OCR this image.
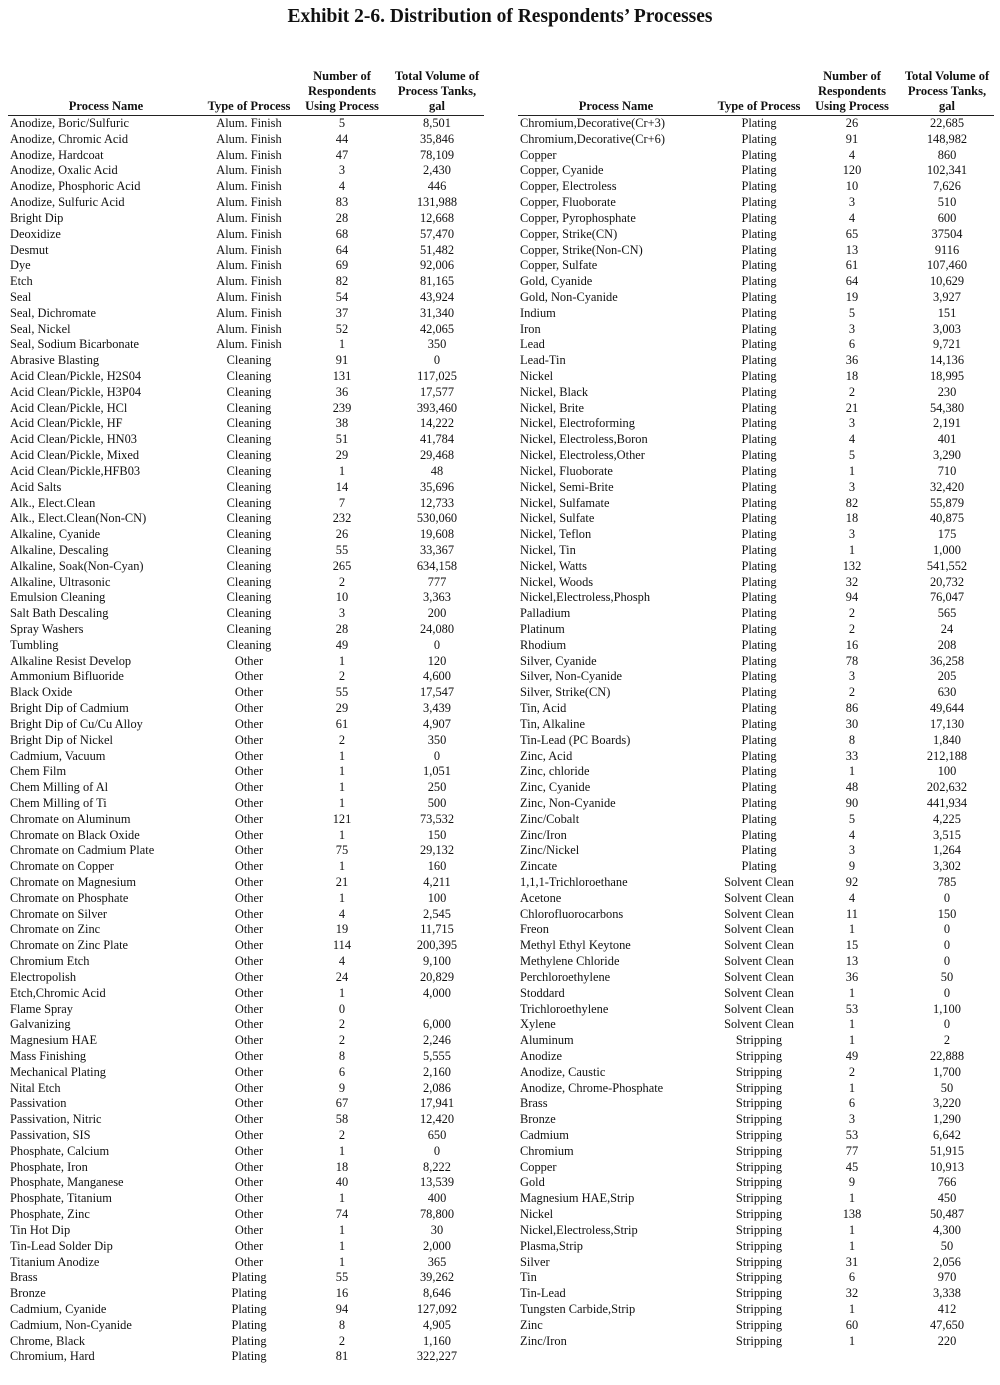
Exhibit 2-6. Distribution of Respondents’ Processes
Process Name	Type of Process	Number of Respondents Using Process	Total Volume of Process Tanks, gal
Anodize, Boric/Sulfuric	Alum. Finish	5	8,501
Anodize, Chromic Acid	Alum. Finish	44	35,846
Anodize, Hardcoat	Alum. Finish	47	78,109
Anodize, Oxalic Acid	Alum. Finish	3	2,430
Anodize, Phosphoric Acid	Alum. Finish	4	446
Anodize, Sulfuric Acid	Alum. Finish	83	131,988
Bright Dip	Alum. Finish	28	12,668
Deoxidize	Alum. Finish	68	57,470
Desmut	Alum. Finish	64	51,482
Dye	Alum. Finish	69	92,006
Etch	Alum. Finish	82	81,165
Seal	Alum. Finish	54	43,924
Seal, Dichromate	Alum. Finish	37	31,340
Seal, Nickel	Alum. Finish	52	42,065
Seal, Sodium Bicarbonate	Alum. Finish	1	350
Abrasive Blasting	Cleaning	91	0
Acid Clean/Pickle, H2S04	Cleaning	131	117,025
Acid Clean/Pickle, H3P04	Cleaning	36	17,577
Acid Clean/Pickle, HCl	Cleaning	239	393,460
Acid Clean/Pickle, HF	Cleaning	38	14,222
Acid Clean/Pickle, HN03	Cleaning	51	41,784
Acid Clean/Pickle, Mixed	Cleaning	29	29,468
Acid Clean/Pickle,HFB03	Cleaning	1	48
Acid Salts	Cleaning	14	35,696
Alk., Elect.Clean	Cleaning	7	12,733
Alk., Elect.Clean(Non-CN)	Cleaning	232	530,060
Alkaline, Cyanide	Cleaning	26	19,608
Alkaline, Descaling	Cleaning	55	33,367
Alkaline, Soak(Non-Cyan)	Cleaning	265	634,158
Alkaline, Ultrasonic	Cleaning	2	777
Emulsion Cleaning	Cleaning	10	3,363
Salt Bath Descaling	Cleaning	3	200
Spray Washers	Cleaning	28	24,080
Tumbling	Cleaning	49	0
Alkaline Resist Develop	Other	1	120
Ammonium Bifluoride	Other	2	4,600
Black Oxide	Other	55	17,547
Bright Dip of Cadmium	Other	29	3,439
Bright Dip of Cu/Cu Alloy	Other	61	4,907
Bright Dip of Nickel	Other	2	350
Cadmium, Vacuum	Other	1	0
Chem Film	Other	1	1,051
Chem Milling of Al	Other	1	250
Chem Milling of Ti	Other	1	500
Chromate on Aluminum	Other	121	73,532
Chromate on Black Oxide	Other	1	150
Chromate on Cadmium Plate	Other	75	29,132
Chromate on Copper	Other	1	160
Chromate on Magnesium	Other	21	4,211
Chromate on Phosphate	Other	1	100
Chromate on Silver	Other	4	2,545
Chromate on Zinc	Other	19	11,715
Chromate on Zinc Plate	Other	114	200,395
Chromium Etch	Other	4	9,100
Electropolish	Other	24	20,829
Etch,Chromic Acid	Other	1	4,000
Flame Spray	Other	0	
Galvanizing	Other	2	6,000
Magnesium HAE	Other	2	2,246
Mass Finishing	Other	8	5,555
Mechanical Plating	Other	6	2,160
Nital Etch	Other	9	2,086
Passivation	Other	67	17,941
Passivation, Nitric	Other	58	12,420
Passivation, SIS	Other	2	650
Phosphate, Calcium	Other	1	0
Phosphate, Iron	Other	18	8,222
Phosphate, Manganese	Other	40	13,539
Phosphate, Titanium	Other	1	400
Phosphate, Zinc	Other	74	78,800
Tin Hot Dip	Other	1	30
Tin-Lead Solder Dip	Other	1	2,000
Titanium Anodize	Other	1	365
Brass	Plating	55	39,262
Bronze	Plating	16	8,646
Cadmium, Cyanide	Plating	94	127,092
Cadmium, Non-Cyanide	Plating	8	4,905
Chrome, Black	Plating	2	1,160
Chromium, Hard	Plating	81	322,227
Process Name	Type of Process	Number of Respondents Using Process	Total Volume of Process Tanks, gal
Chromium,Decorative(Cr+3)	Plating	26	22,685
Chromium,Decorative(Cr+6)	Plating	91	148,982
Copper	Plating	4	860
Copper, Cyanide	Plating	120	102,341
Copper, Electroless	Plating	10	7,626
Copper, Fluoborate	Plating	3	510
Copper, Pyrophosphate	Plating	4	600
Copper, Strike(CN)	Plating	65	37504
Copper, Strike(Non-CN)	Plating	13	9116
Copper, Sulfate	Plating	61	107,460
Gold, Cyanide	Plating	64	10,629
Gold, Non-Cyanide	Plating	19	3,927
Indium	Plating	5	151
Iron	Plating	3	3,003
Lead	Plating	6	9,721
Lead-Tin	Plating	36	14,136
Nickel	Plating	18	18,995
Nickel, Black	Plating	2	230
Nickel, Brite	Plating	21	54,380
Nickel, Electroforming	Plating	3	2,191
Nickel, Electroless,Boron	Plating	4	401
Nickel, Electroless,Other	Plating	5	3,290
Nickel, Fluoborate	Plating	1	710
Nickel, Semi-Brite	Plating	3	32,420
Nickel, Sulfamate	Plating	82	55,879
Nickel, Sulfate	Plating	18	40,875
Nickel, Teflon	Plating	3	175
Nickel, Tin	Plating	1	1,000
Nickel, Watts	Plating	132	541,552
Nickel, Woods	Plating	32	20,732
Nickel,Electroless,Phosph	Plating	94	76,047
Palladium	Plating	2	565
Platinum	Plating	2	24
Rhodium	Plating	16	208
Silver, Cyanide	Plating	78	36,258
Silver, Non-Cyanide	Plating	3	205
Silver, Strike(CN)	Plating	2	630
Tin, Acid	Plating	86	49,644
Tin, Alkaline	Plating	30	17,130
Tin-Lead (PC Boards)	Plating	8	1,840
Zinc, Acid	Plating	33	212,188
Zinc, chloride	Plating	1	100
Zinc, Cyanide	Plating	48	202,632
Zinc, Non-Cyanide	Plating	90	441,934
Zinc/Cobalt	Plating	5	4,225
Zinc/Iron	Plating	4	3,515
Zinc/Nickel	Plating	3	1,264
Zincate	Plating	9	3,302
1,1,1-Trichloroethane	Solvent Clean	92	785
Acetone	Solvent Clean	4	0
Chlorofluorocarbons	Solvent Clean	11	150
Freon	Solvent Clean	1	0
Methyl Ethyl Keytone	Solvent Clean	15	0
Methylene Chloride	Solvent Clean	13	0
Perchloroethylene	Solvent Clean	36	50
Stoddard	Solvent Clean	1	0
Trichloroethylene	Solvent Clean	53	1,100
Xylene	Solvent Clean	1	0
Aluminum	Stripping	1	2
Anodize	Stripping	49	22,888
Anodize, Caustic	Stripping	2	1,700
Anodize, Chrome-Phosphate	Stripping	1	50
Brass	Stripping	6	3,220
Bronze	Stripping	3	1,290
Cadmium	Stripping	53	6,642
Chromium	Stripping	77	51,915
Copper	Stripping	45	10,913
Gold	Stripping	9	766
Magnesium HAE,Strip	Stripping	1	450
Nickel	Stripping	138	50,487
Nickel,Electroless,Strip	Stripping	1	4,300
Plasma,Strip	Stripping	1	50
Silver	Stripping	31	2,056
Tin	Stripping	6	970
Tin-Lead	Stripping	32	3,338
Tungsten Carbide,Strip	Stripping	1	412
Zinc	Stripping	60	47,650
Zinc/Iron	Stripping	1	220
